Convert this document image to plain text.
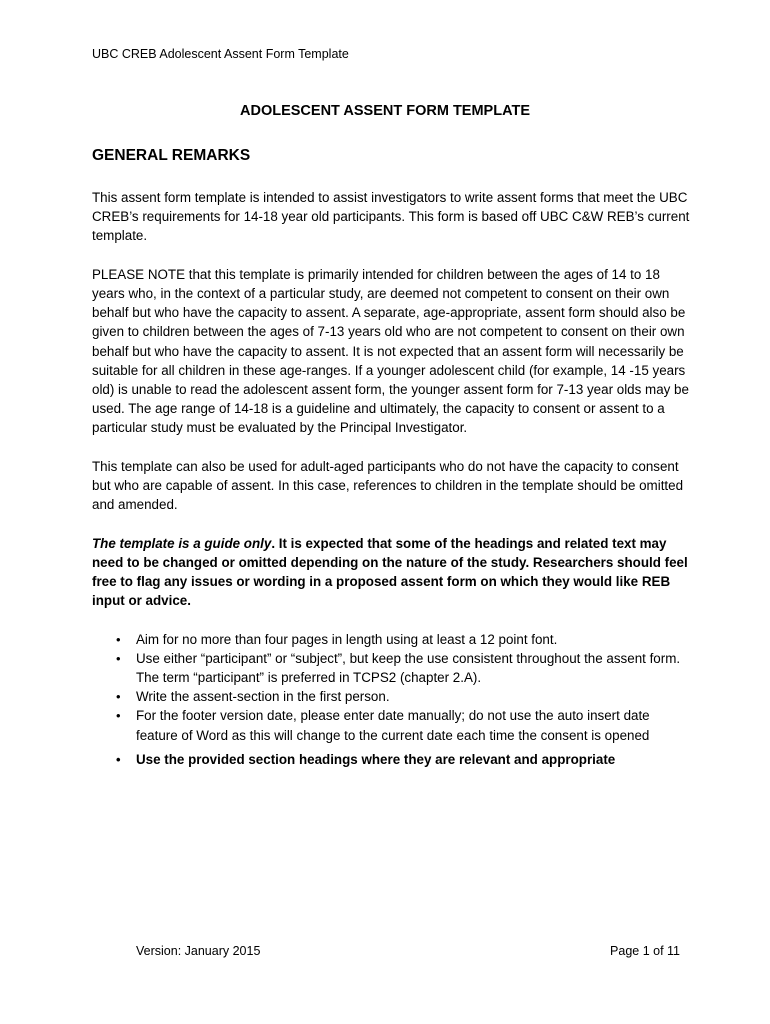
UBC CREB Adolescent Assent Form Template
ADOLESCENT ASSENT FORM TEMPLATE
GENERAL REMARKS

This assent form template is intended to assist investigators to write assent forms that meet the UBC CREB’s requirements for 14-18 year old participants. This form is based off UBC C&W REB’s current template.

PLEASE NOTE that this template is primarily intended for children between the ages of 14 to 18 years who, in the context of a particular study, are deemed not competent to consent on their own behalf but who have the capacity to assent. A separate, age-appropriate, assent form should also be given to children between the ages of 7-13 years old who are not competent to consent on their own behalf but who have the capacity to assent. It is not expected that an assent form will necessarily be suitable for all children in these age-ranges. If a younger adolescent child (for example, 14 -15 years old) is unable to read the adolescent assent form, the younger assent form for 7-13 year olds may be used. The age range of 14-18 is a guideline and ultimately, the capacity to consent or assent to a particular study must be evaluated by the Principal Investigator.

This template can also be used for adult-aged participants who do not have the capacity to consent but who are capable of assent. In this case, references to children in the template should be omitted and amended.

The template is a guide only. It is expected that some of the headings and related text may need to be changed or omitted depending on the nature of the study. Researchers should feel free to flag any issues or wording in a proposed assent form on which they would like REB input or advice.

• Aim for no more than four pages in length using at least a 12 point font.
• Use either “participant” or “subject”, but keep the use consistent throughout the assent form. The term “participant” is preferred in TCPS2 (chapter 2.A).
• Write the assent-section in the first person.
• For the footer version date, please enter date manually; do not use the auto insert date feature of Word as this will change to the current date each time the consent is opened
• Use the provided section headings where they are relevant and appropriate
Version: January 2015	Page 1 of 11
